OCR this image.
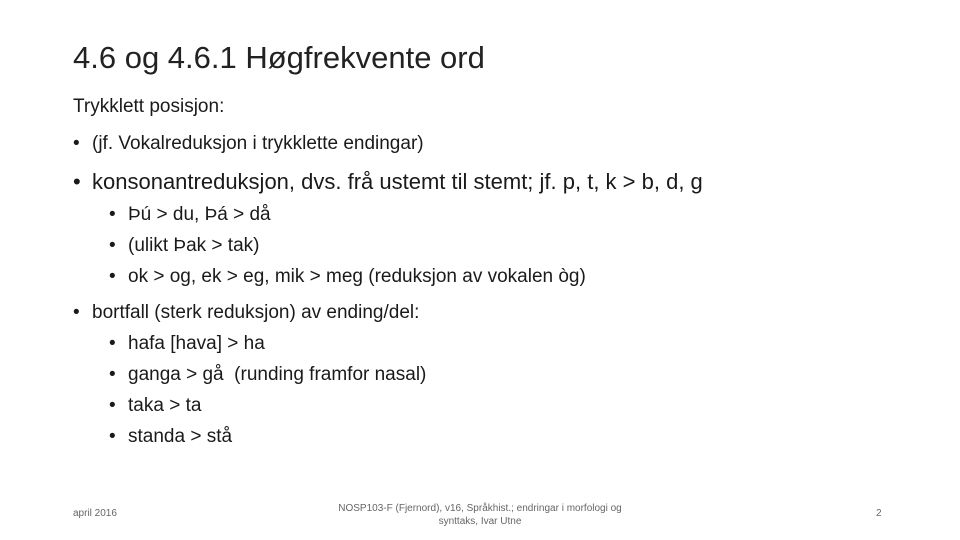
4.6 og 4.6.1 Høgfrekvente ord
Trykklett posisjon:
• (jf. Vokalreduksjon i trykklette endingar)
• konsonantreduksjon, dvs. frå ustemt til stemt; jf. p, t, k > b, d, g
• Þú > du, Þá > då
• (ulikt Þak > tak)
• ok > og, ek > eg, mik > meg (reduksjon av vokalen òg)
• bortfall (sterk reduksjon) av ending/del:
• hafa [hava] > ha
• ganga > gå  (runding framfor nasal)
• taka > ta
• standa > stå
april 2016	NOSP103-F (Fjernord), v16, Språkhist.; endringar i morfologi og
synttaks, Ivar Utne
2
